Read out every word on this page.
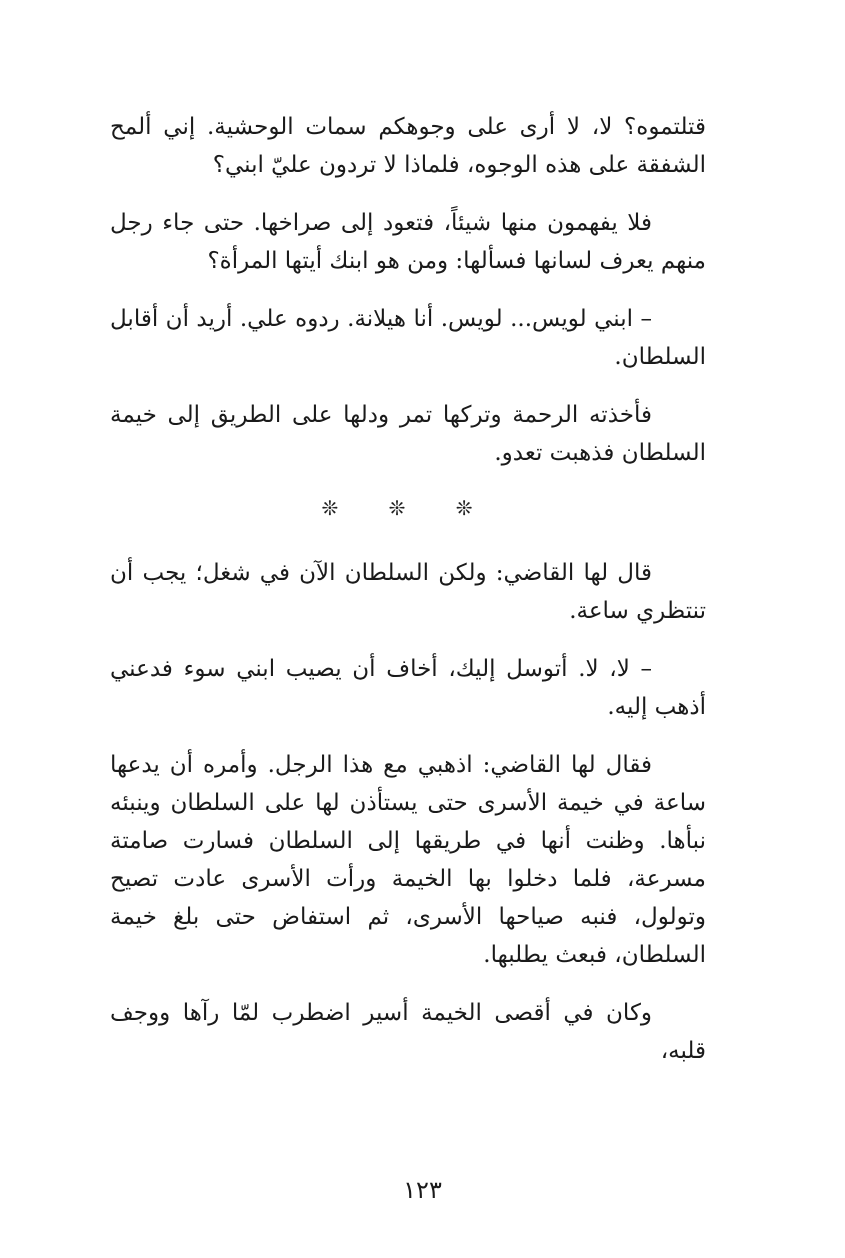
قتلتموه؟ لا، لا أرى على وجوهكم سمات الوحشية. إني ألمح الشفقة على هذه الوجوه، فلماذا لا تردون عليّ ابني؟

فلا يفهمون منها شيئاً، فتعود إلى صراخها. حتى جاء رجل منهم يعرف لسانها فسألها: ومن هو ابنك أيتها المرأة؟

– ابني لويس... لويس. أنا هيلانة. ردوه علي. أريد أن أقابل السلطان.

فأخذته الرحمة وتركها تمر ودلها على الطريق إلى خيمة السلطان فذهبت تعدو.

❊ ❊ ❊

قال لها القاضي: ولكن السلطان الآن في شغل؛ يجب أن تنتظري ساعة.

– لا، لا. أتوسل إليك، أخاف أن يصيب ابني سوء فدعني أذهب إليه.

فقال لها القاضي: اذهبي مع هذا الرجل. وأمره أن يدعها ساعة في خيمة الأسرى حتى يستأذن لها على السلطان وينبئه نبأها. وظنت أنها في طريقها إلى السلطان فسارت صامتة مسرعة، فلما دخلوا بها الخيمة ورأت الأسرى عادت تصيح وتولول، فنبه صياحها الأسرى، ثم استفاض حتى بلغ خيمة السلطان، فبعث يطلبها.

وكان في أقصى الخيمة أسير اضطرب لمّا رآها ووجف قلبه،

١٢٣
